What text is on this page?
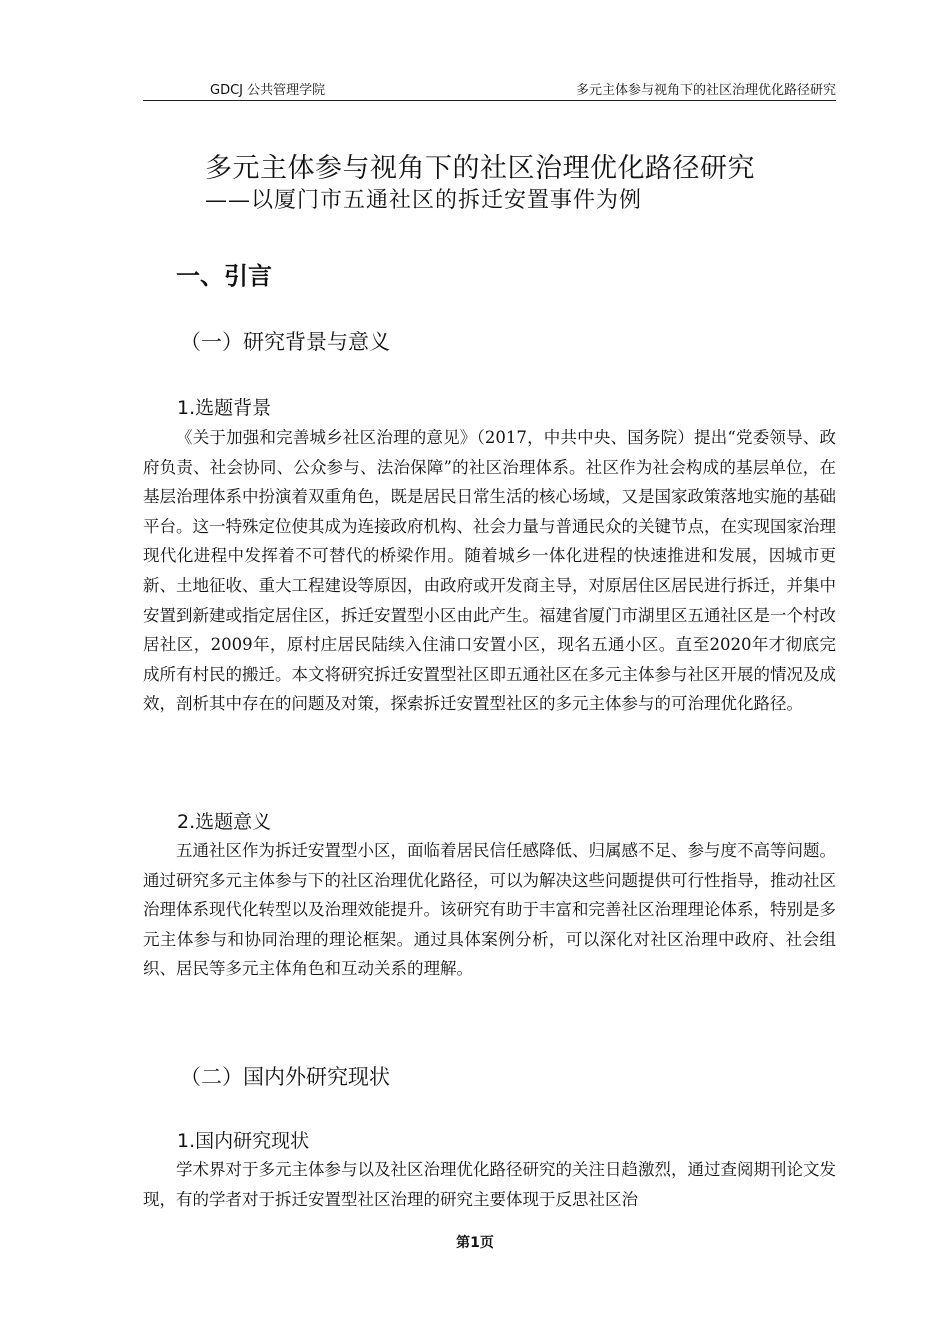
GDCJ 公共管理学院	多元主体参与视角下的社区治理优化路径研究
多元主体参与视角下的社区治理优化路径研究
——以厦门市五通社区的拆迁安置事件为例
一、引言
（一）研究背景与意义
1.选题背景

《关于加强和完善城乡社区治理的意见》（2017，中共中央、国务院）提出“党委领导、政府负责、社会协同、公众参与、法治保障”的社区治理体系。社区作为社会构成的基层单位，在基层治理体系中扮演着双重角色，既是居民日常生活的核心场域，又是国家政策落地实施的基础平台。这一特殊定位使其成为连接政府机构、社会力量与普通民众的关键节点，在实现国家治理现代化进程中发挥着不可替代的桥梁作用。随着城乡一体化进程的快速推进和发展，因城市更新、土地征收、重大工程建设等原因，由政府或开发商主导，对原居住区居民进行拆迁，并集中安置到新建或指定居住区，拆迁安置型小区由此产生。福建省厦门市湖里区五通社区是一个村改居社区，2009年，原村庄居民陆续入住浦口安置小区，现名五通小区。直至2020年才彻底完成所有村民的搬迁。本文将研究拆迁安置型社区即五通社区在多元主体参与社区开展的情况及成效，剖析其中存在的问题及对策，探索拆迁安置型社区的多元主体参与的可治理优化路径。

2.选题意义

五通社区作为拆迁安置型小区，面临着居民信任感降低、归属感不足、参与度不高等问题。通过研究多元主体参与下的社区治理优化路径，可以为解决这些问题提供可行性指导，推动社区治理体系现代化转型以及治理效能提升。该研究有助于丰富和完善社区治理理论体系，特别是多元主体参与和协同治理的理论框架。通过具体案例分析，可以深化对社区治理中政府、社会组织、居民等多元主体角色和互动关系的理解。

（二）国内外研究现状
1.国内研究现状

学术界对于多元主体参与以及社区治理优化路径研究的关注日趋激烈，通过查阅期刊论文发现，有的学者对于拆迁安置型社区治理的研究主要体现于反思社区治

第1页
